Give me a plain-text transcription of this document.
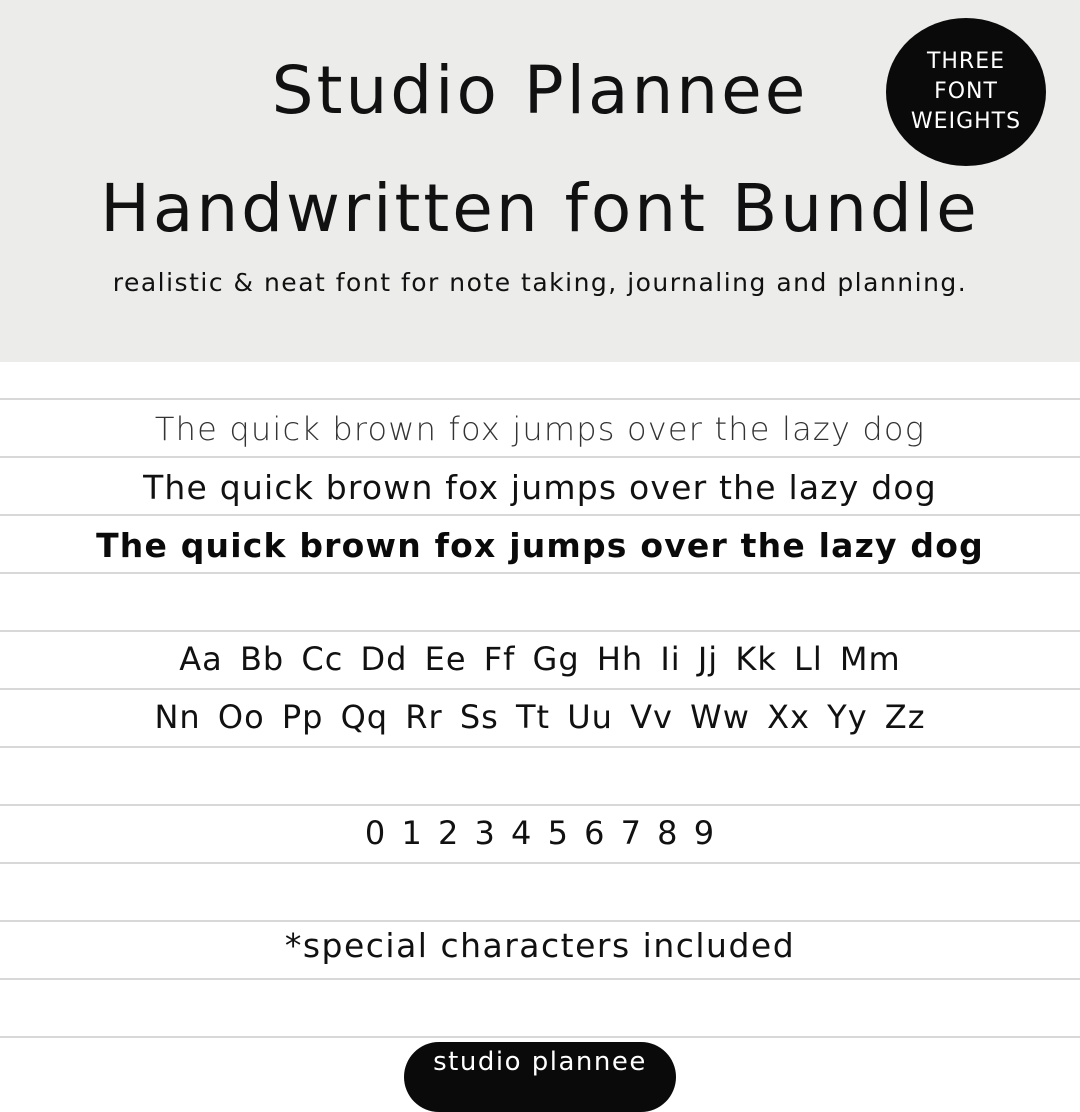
Studio Plannee
Handwritten font Bundle
realistic & neat font for note taking, journaling and planning.
THREE
FONT
WEIGHTS
The quick brown fox jumps over the lazy dog
The quick brown fox jumps over the lazy dog
The quick brown fox jumps over the lazy dog
Aa Bb Cc Dd Ee Ff Gg Hh Ii Jj Kk Ll Mm
Nn Oo Pp Qq Rr Ss Tt Uu Vv Ww Xx Yy Zz
0 1 2 3 4 5 6 7 8 9
*special characters included
studio plannee
